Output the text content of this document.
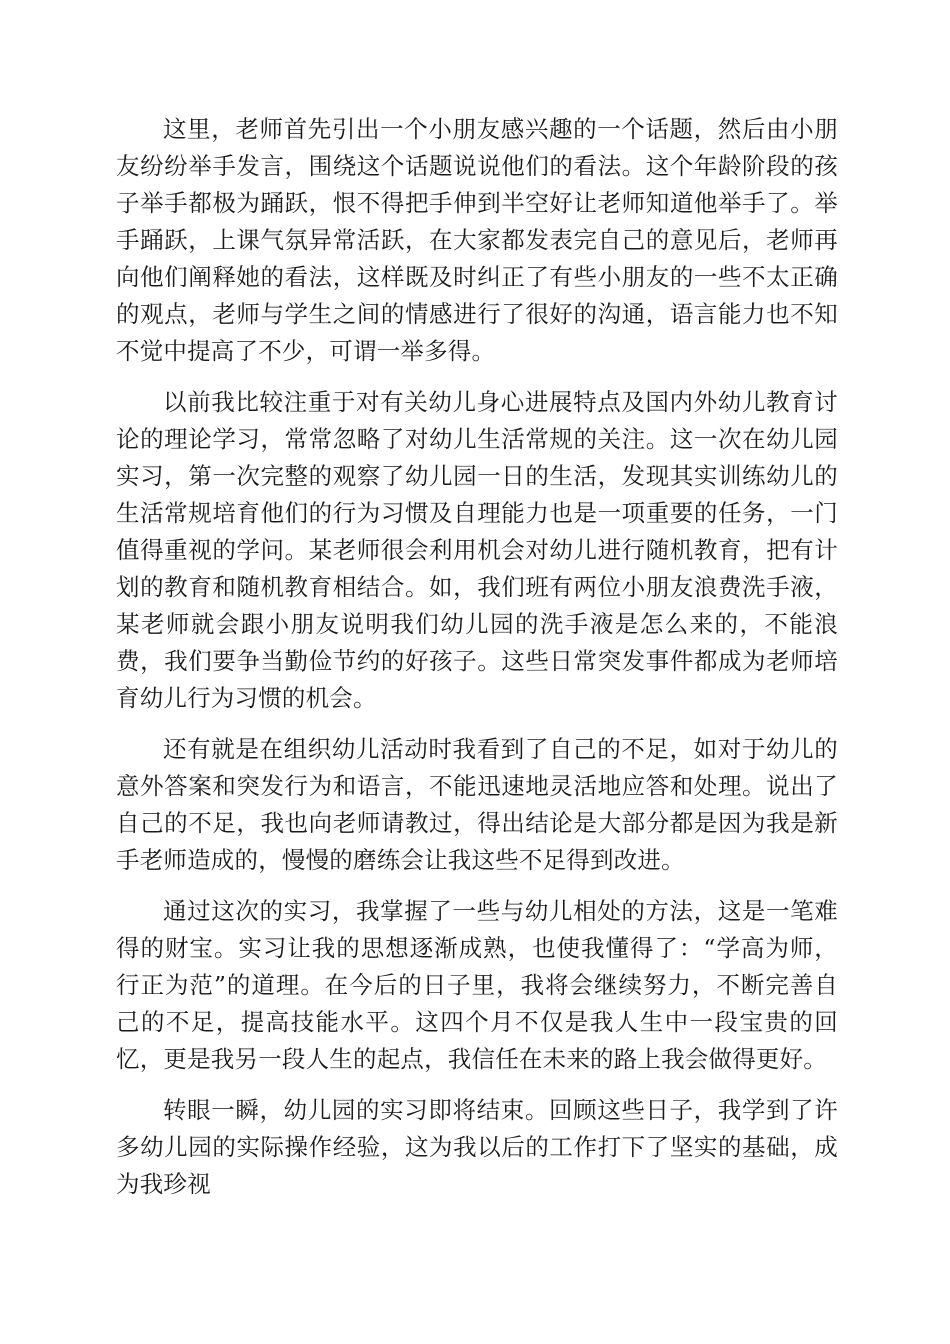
这里，老师首先引出一个小朋友感兴趣的一个话题，然后由小朋友纷纷举手发言，围绕这个话题说说他们的看法。这个年龄阶段的孩子举手都极为踊跃，恨不得把手伸到半空好让老师知道他举手了。举手踊跃，上课气氛异常活跃，在大家都发表完自己的意见后，老师再向他们阐释她的看法，这样既及时纠正了有些小朋友的一些不太正确的观点，老师与学生之间的情感进行了很好的沟通，语言能力也不知不觉中提高了不少，可谓一举多得。

以前我比较注重于对有关幼儿身心进展特点及国内外幼儿教育讨论的理论学习，常常忽略了对幼儿生活常规的关注。这一次在幼儿园实习，第一次完整的观察了幼儿园一日的生活，发现其实训练幼儿的生活常规培育他们的行为习惯及自理能力也是一项重要的任务，一门值得重视的学问。某老师很会利用机会对幼儿进行随机教育，把有计划的教育和随机教育相结合。如，我们班有两位小朋友浪费洗手液，某老师就会跟小朋友说明我们幼儿园的洗手液是怎么来的，不能浪费，我们要争当勤俭节约的好孩子。这些日常突发事件都成为老师培育幼儿行为习惯的机会。

还有就是在组织幼儿活动时我看到了自己的不足，如对于幼儿的意外答案和突发行为和语言，不能迅速地灵活地应答和处理。说出了自己的不足，我也向老师请教过，得出结论是大部分都是因为我是新手老师造成的，慢慢的磨练会让我这些不足得到改进。

通过这次的实习，我掌握了一些与幼儿相处的方法，这是一笔难得的财宝。实习让我的思想逐渐成熟，也使我懂得了：“学高为师，行正为范”的道理。在今后的日子里，我将会继续努力，不断完善自己的不足，提高技能水平。这四个月不仅是我人生中一段宝贵的回忆，更是我另一段人生的起点，我信任在未来的路上我会做得更好。

转眼一瞬，幼儿园的实习即将结束。回顾这些日子，我学到了许多幼儿园的实际操作经验，这为我以后的工作打下了坚实的基础，成为我珍视
